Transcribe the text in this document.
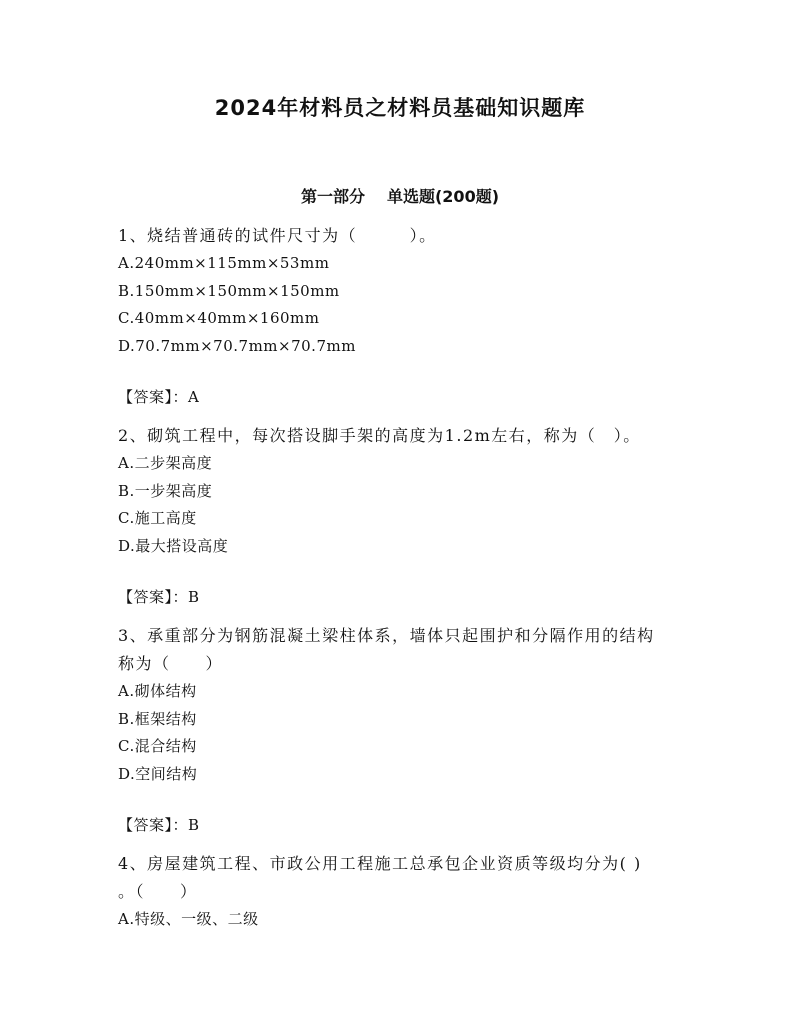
2024年材料员之材料员基础知识题库
第一部分 单选题(200题)
1、烧结普通砖的试件尺寸为（　　　）。
A.240mm×115mm×53mm
B.150mm×150mm×150mm
C.40mm×40mm×160mm
D.70.7mm×70.7mm×70.7mm
【答案】：A
2、砌筑工程中，每次搭设脚手架的高度为1.2m左右，称为（　）。
A.二步架高度
B.一步架高度
C.施工高度
D.最大搭设高度
【答案】：B
3、承重部分为钢筋混凝土梁柱体系，墙体只起围护和分隔作用的结构
称为（　　）
A.砌体结构
B.框架结构
C.混合结构
D.空间结构
【答案】：B
4、房屋建筑工程、市政公用工程施工总承包企业资质等级均分为( )
。（　　）
A.特级、一级、二级
